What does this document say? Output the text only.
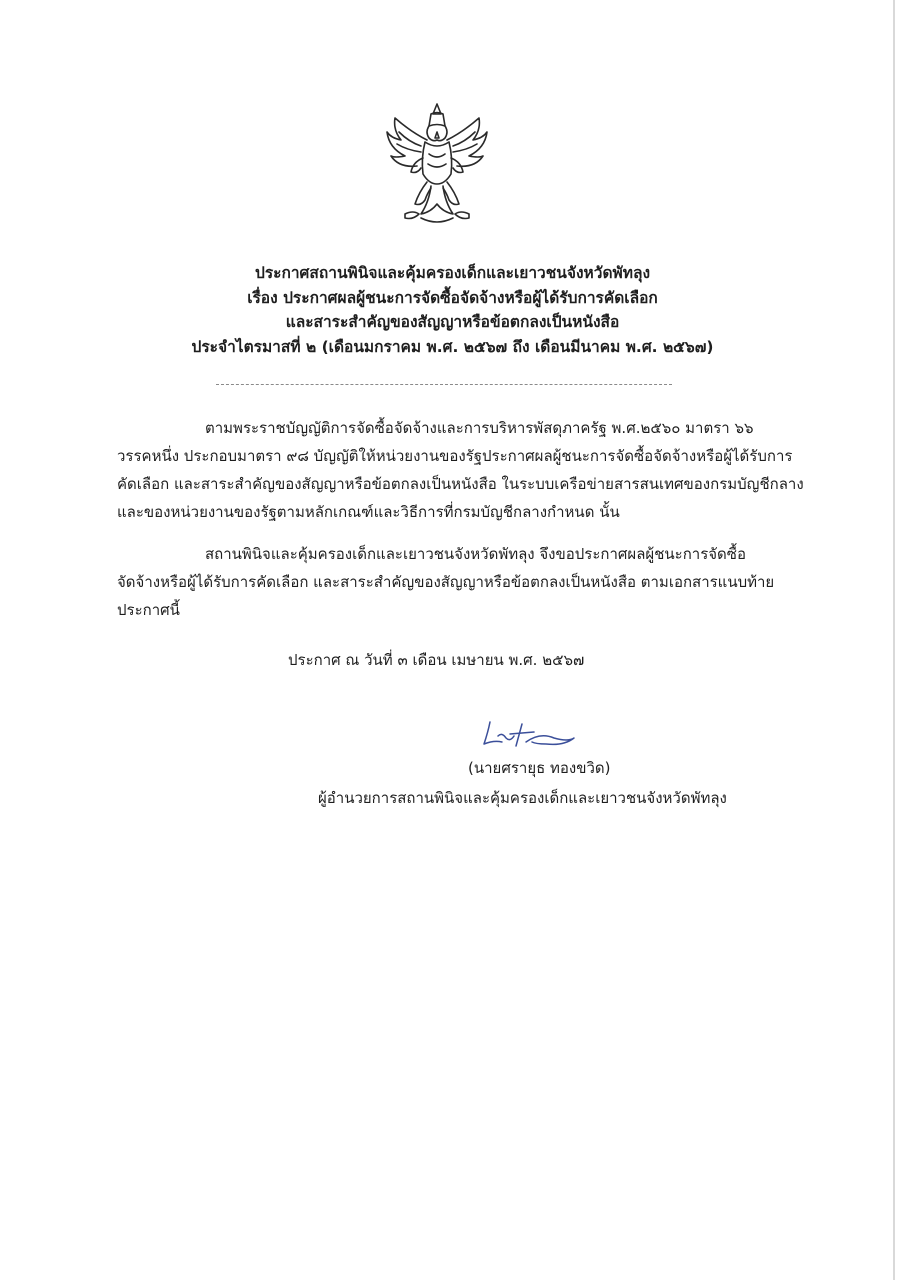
ประกาศสถานพินิจและคุ้มครองเด็กและเยาวชนจังหวัดพัทลุง
เรื่อง ประกาศผลผู้ชนะการจัดซื้อจัดจ้างหรือผู้ได้รับการคัดเลือก
และสาระสำคัญของสัญญาหรือข้อตกลงเป็นหนังสือ
ประจำไตรมาสที่ ๒ (เดือนมกราคม พ.ศ. ๒๕๖๗ ถึง เดือนมีนาคม พ.ศ. ๒๕๖๗)
ตามพระราชบัญญัติการจัดซื้อจัดจ้างและการบริหารพัสดุภาครัฐ พ.ศ.๒๕๖๐ มาตรา ๖๖
วรรคหนึ่ง ประกอบมาตรา ๙๘ บัญญัติให้หน่วยงานของรัฐประกาศผลผู้ชนะการจัดซื้อจัดจ้างหรือผู้ได้รับการ
คัดเลือก และสาระสำคัญของสัญญาหรือข้อตกลงเป็นหนังสือ ในระบบเครือข่ายสารสนเทศของกรมบัญชีกลาง
และของหน่วยงานของรัฐตามหลักเกณฑ์และวิธีการที่กรมบัญชีกลางกำหนด นั้น
สถานพินิจและคุ้มครองเด็กและเยาวชนจังหวัดพัทลุง จึงขอประกาศผลผู้ชนะการจัดซื้อ
จัดจ้างหรือผู้ได้รับการคัดเลือก และสาระสำคัญของสัญญาหรือข้อตกลงเป็นหนังสือ ตามเอกสารแนบท้าย
ประกาศนี้
ประกาศ ณ วันที่ ๓ เดือน เมษายน พ.ศ. ๒๕๖๗
(นายศรายุธ ทองขวิด)
ผู้อำนวยการสถานพินิจและคุ้มครองเด็กและเยาวชนจังหวัดพัทลุง
